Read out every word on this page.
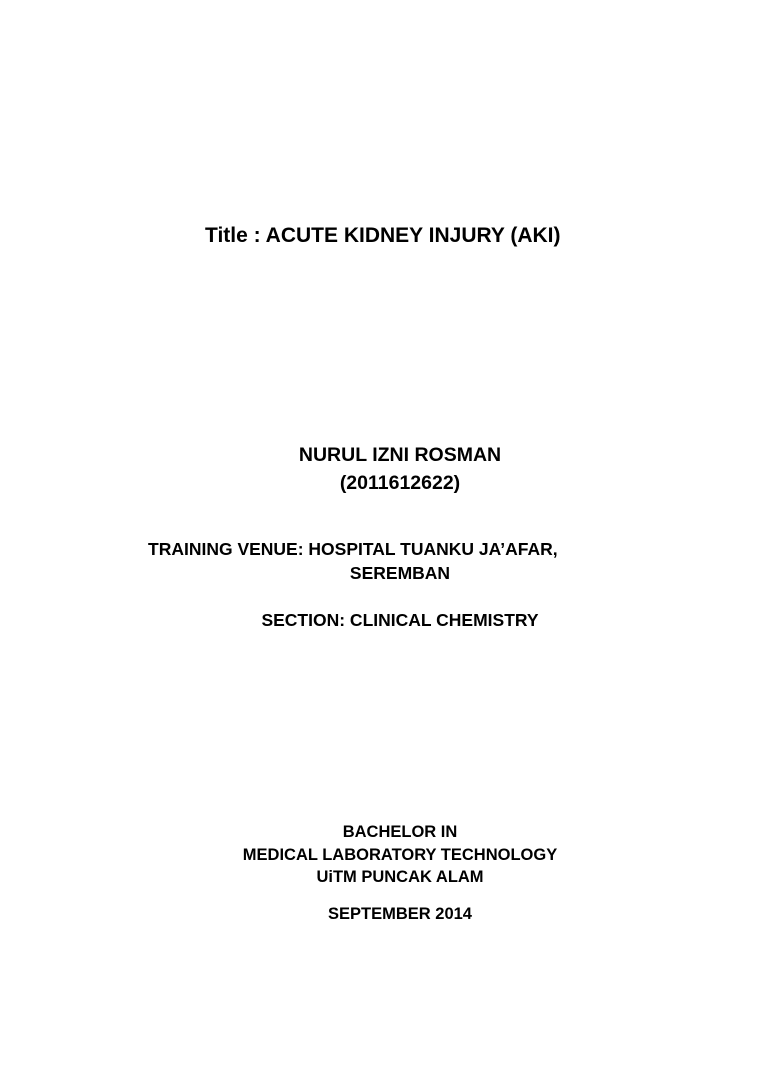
Title : ACUTE KIDNEY INJURY (AKI)
NURUL IZNI ROSMAN
(2011612622)
TRAINING VENUE: HOSPITAL TUANKU JA’AFAR,
SEREMBAN
SECTION: CLINICAL CHEMISTRY
BACHELOR IN
MEDICAL LABORATORY TECHNOLOGY
UiTM PUNCAK ALAM
SEPTEMBER 2014
